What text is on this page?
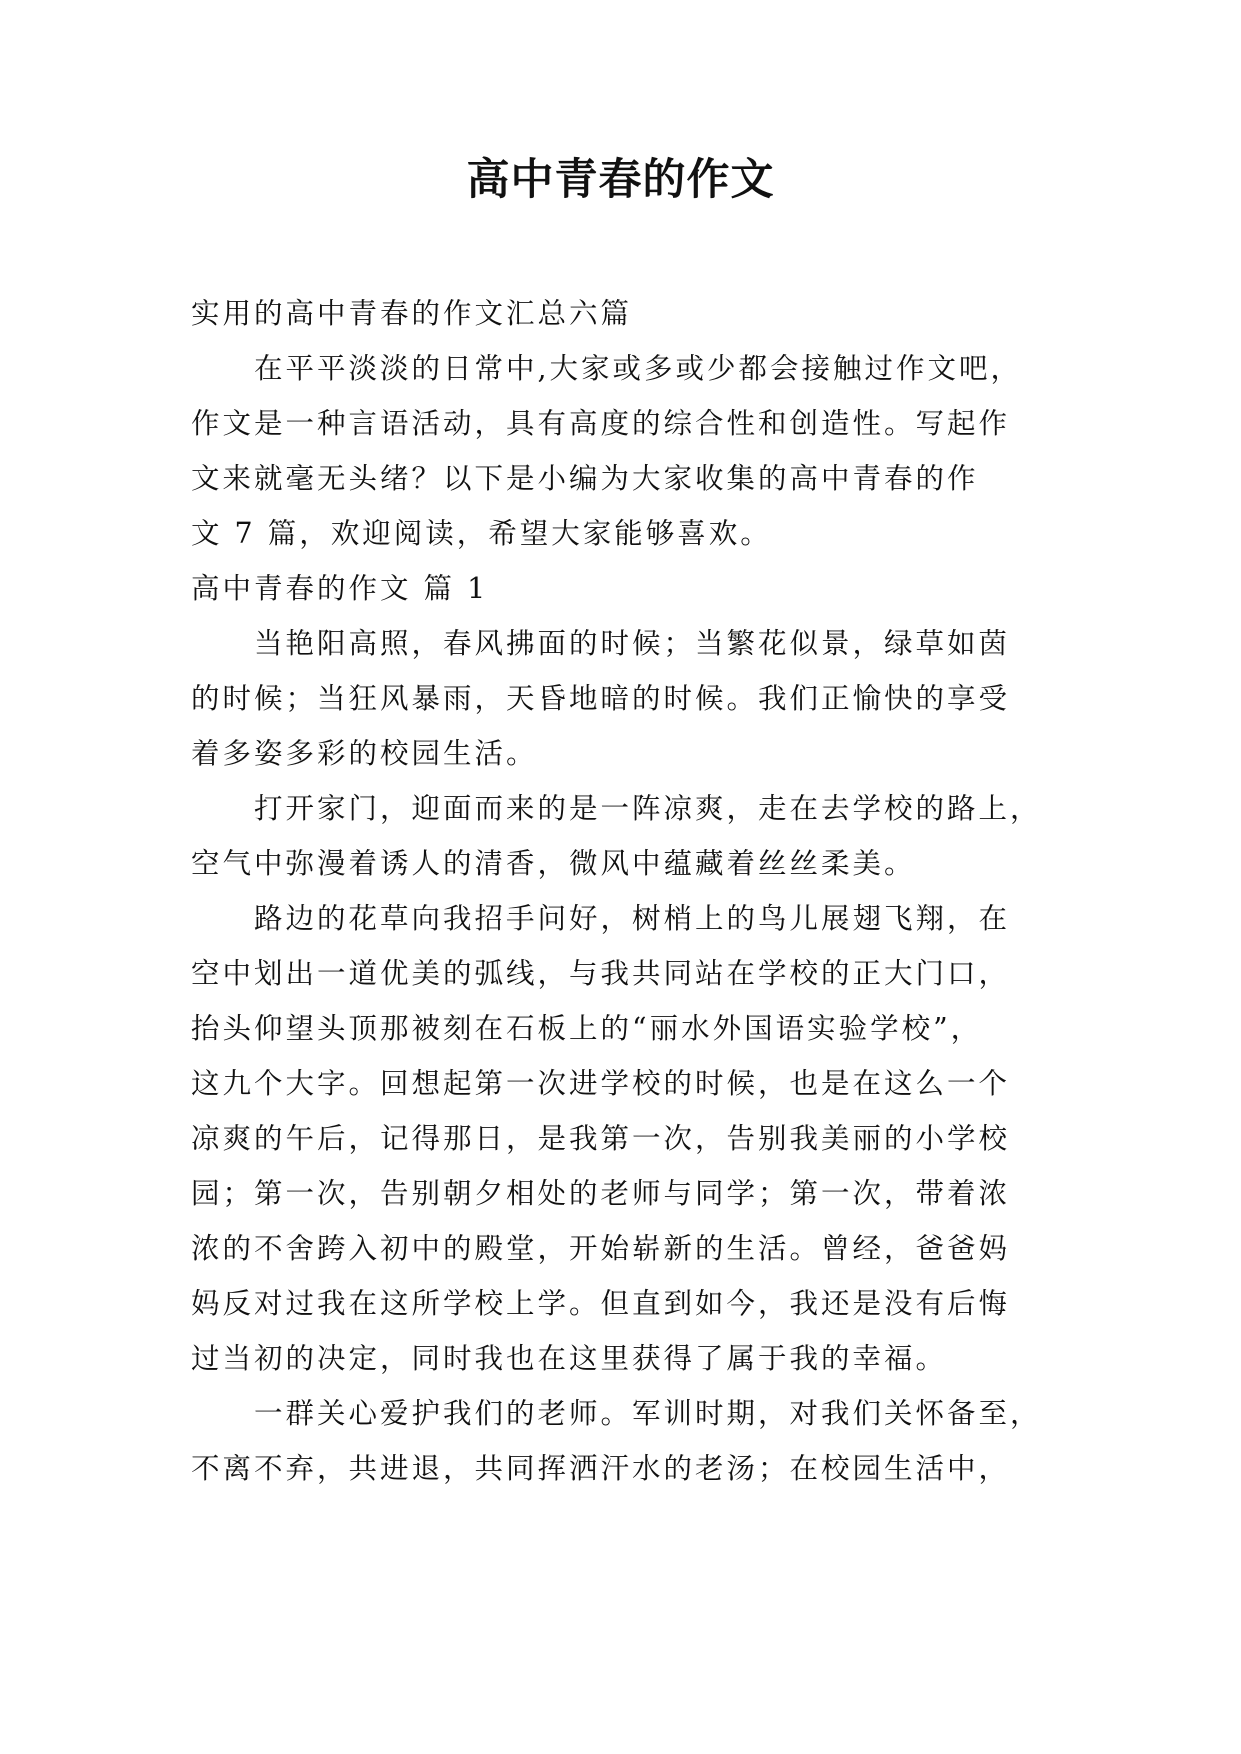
高中青春的作文
实用的高中青春的作文汇总六篇
　　在平平淡淡的日常中,大家或多或少都会接触过作文吧，
作文是一种言语活动，具有高度的综合性和创造性。写起作
文来就毫无头绪？以下是小编为大家收集的高中青春的作
文 7 篇，欢迎阅读，希望大家能够喜欢。
高中青春的作文 篇 1
　　当艳阳高照，春风拂面的时候；当繁花似景，绿草如茵
的时候；当狂风暴雨，天昏地暗的时候。我们正愉快的享受
着多姿多彩的校园生活。
　　打开家门，迎面而来的是一阵凉爽，走在去学校的路上，
空气中弥漫着诱人的清香，微风中蕴藏着丝丝柔美。
　　路边的花草向我招手问好，树梢上的鸟儿展翅飞翔，在
空中划出一道优美的弧线，与我共同站在学校的正大门口，
抬头仰望头顶那被刻在石板上的“丽水外国语实验学校”，
这九个大字。回想起第一次进学校的时候，也是在这么一个
凉爽的午后，记得那日，是我第一次，告别我美丽的小学校
园；第一次，告别朝夕相处的老师与同学；第一次，带着浓
浓的不舍跨入初中的殿堂，开始崭新的生活。曾经，爸爸妈
妈反对过我在这所学校上学。但直到如今，我还是没有后悔
过当初的决定，同时我也在这里获得了属于我的幸福。
　　一群关心爱护我们的老师。军训时期，对我们关怀备至，
不离不弃，共进退，共同挥洒汗水的老汤；在校园生活中，
